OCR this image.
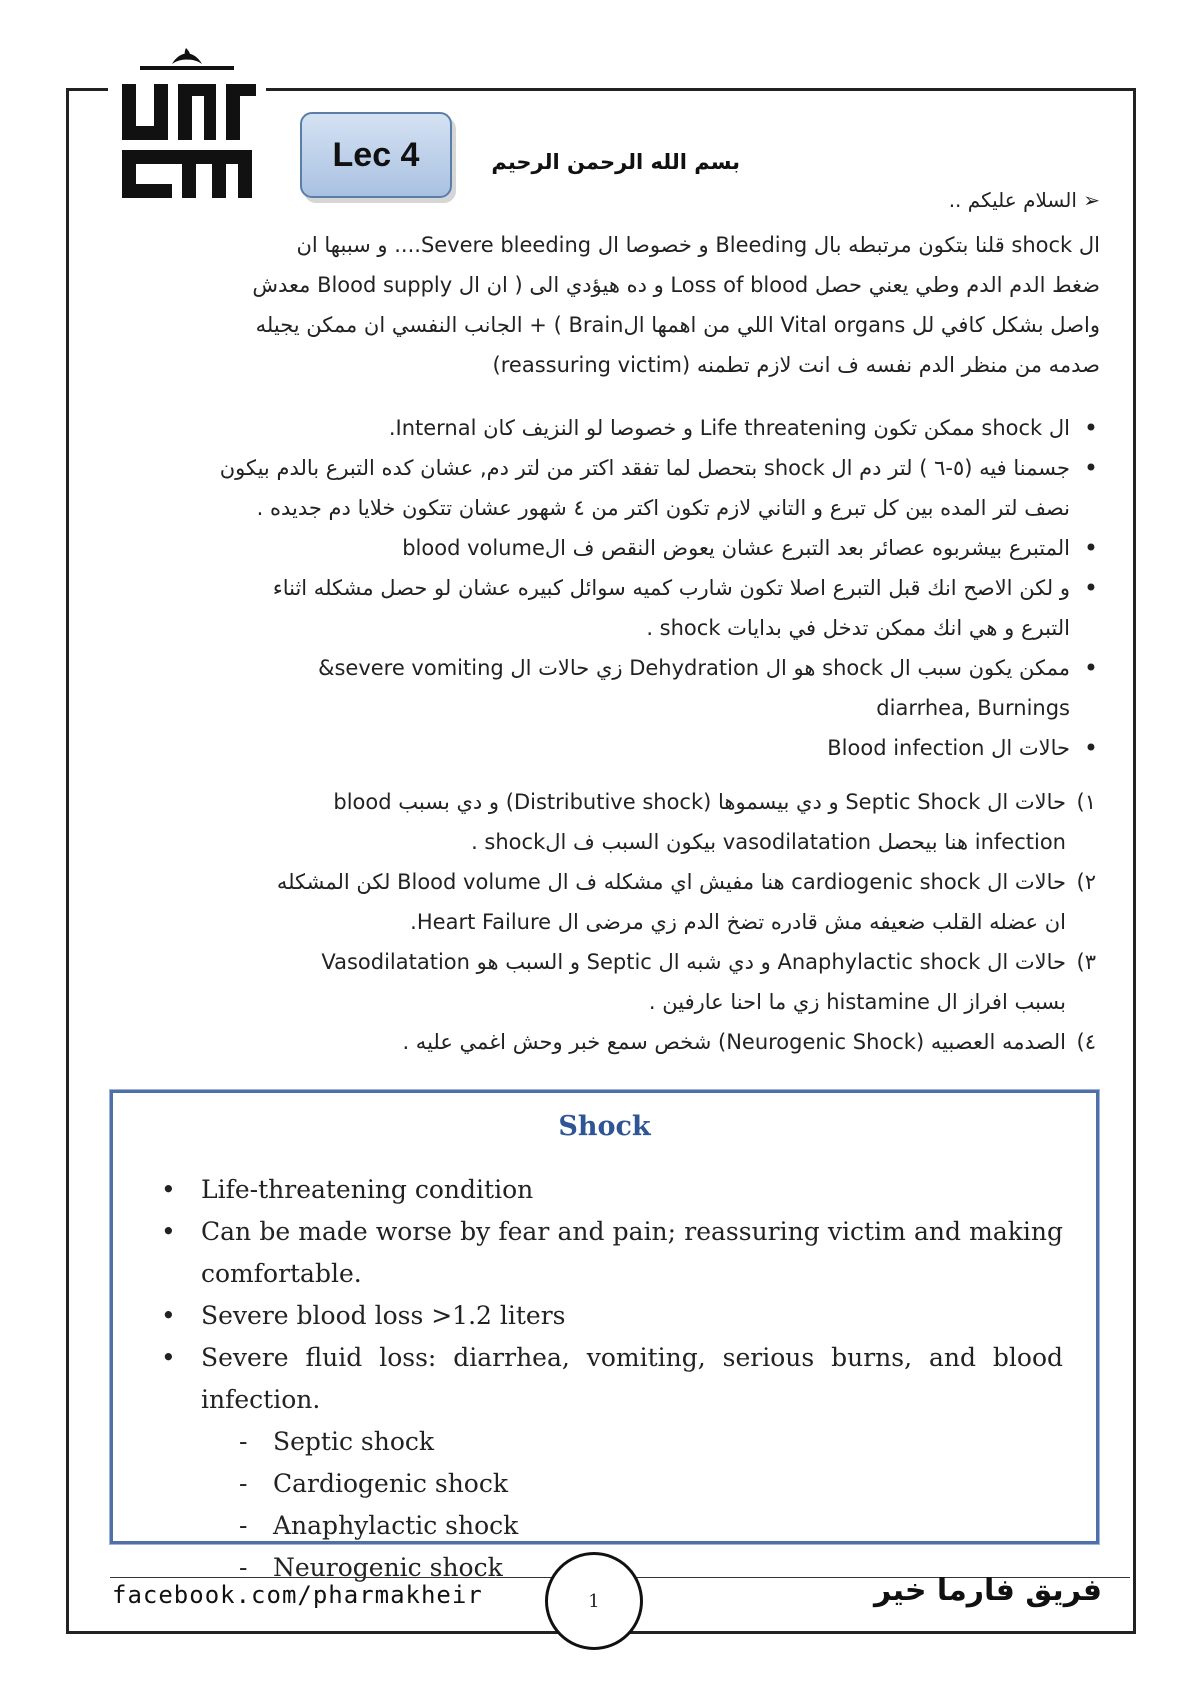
Lec 4	بسم الله الرحمن الرحيم
➢ السلام عليكم ..
ال shock قلنا بتكون مرتبطه بال Bleeding و خصوصا ال Severe bleeding.... و سببها ان
ضغط الدم الدم وطي يعني حصل Loss of blood و ده هيؤدي الى ( ان ال Blood supply معدش
واصل بشكل كافي لل Vital organs اللي من اهمها الBrain ) + الجانب النفسي ان ممكن يجيله
صدمه من منظر الدم نفسه ف انت لازم تطمنه (reassuring victim)
• ال shock ممكن تكون Life threatening و خصوصا لو النزيف كان Internal.
• جسمنا فيه (٥-٦ ) لتر دم ال shock بتحصل لما تفقد اكتر من لتر دم, عشان كده التبرع بالدم بيكون
نصف لتر المده بين كل تبرع و التاني لازم تكون اكتر من ٤ شهور عشان تتكون خلايا دم جديده .
• المتبرع بيشربوه عصائر بعد التبرع عشان يعوض النقص ف الblood volume
• و لكن الاصح انك قبل التبرع اصلا تكون شارب كميه سوائل كبيره عشان لو حصل مشكله اثناء
التبرع و هي انك ممكن تدخل في بدايات shock .
• ممكن يكون سبب ال shock هو ال Dehydration زي حالات ال severe vomiting&
diarrhea, Burnings
• حالات ال Blood infection
١)
حالات ال Septic Shock و دي بيسموها (Distributive shock) و دي بسبب blood
infection هنا بيحصل vasodilatation بيكون السبب ف الshock .
٢)
حالات ال cardiogenic shock هنا مفيش اي مشكله ف ال Blood volume لكن المشكله
ان عضله القلب ضعيفه مش قادره تضخ الدم زي مرضى ال Heart Failure.
٣)
حالات ال Anaphylactic shock و دي شبه ال Septic و السبب هو Vasodilatation
بسبب افراز ال histamine زي ما احنا عارفين .
٤)
الصدمه العصبيه (Neurogenic Shock) شخص سمع خبر وحش اغمي عليه .
Shock
• Life-threatening condition
• Can be made worse by fear and pain; reassuring victim and making comfortable.
• Severe blood loss >1.2 liters
• Severe fluid loss: diarrhea, vomiting, serious burns, and blood infection.
- Septic shock
- Cardiogenic shock
- Anaphylactic shock
- Neurogenic shock
facebook.com/pharmakheir	1	فريق فارما خير
